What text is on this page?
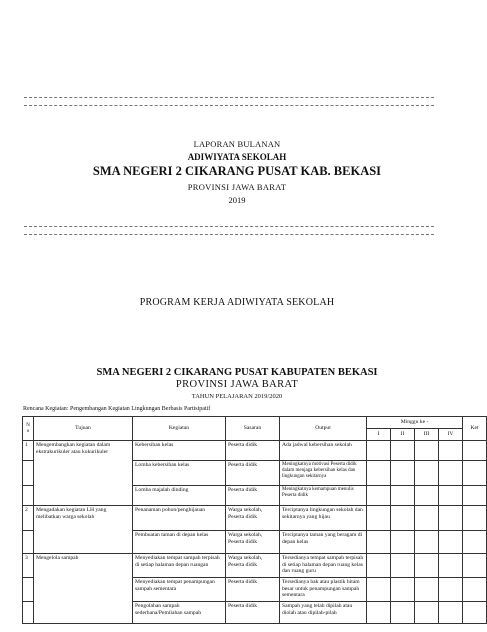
LAPORAN BULANAN
ADIWIYATA SEKOLAH
SMA NEGERI 2 CIKARANG PUSAT KAB. BEKASI
PROVINSI JAWA BARAT
2019
PROGRAM KERJA ADIWIYATA SEKOLAH
SMA NEGERI 2 CIKARANG PUSAT KABUPATEN BEKASI
PROVINSI JAWA BARAT
TAHUN PELAJARAN 2019/2020
Rencana Kegiatan: Pengembangan Kegiatan Lingkungan Berbasis Partisipatif
N o	Tujuan	Kegiatan	Sasaran	Output	Minggu ke -				Ket
					I	II	III	IV	
1	Mengembangkan kegiatan dalam ekstrakurikuler atau kokurikuler	Kebersihan kelas	Peserta didik	Ada jadwal kebersihan sekolah					
		Lomba kebersihan kelas	Peserta didik	Meningkatnya motivasi Peserta didik dalam menjaga kebersihan kelas dan lingkungan sekitarnya					
		Lomba majalah dinding	Peserta didik	Meningkatnya kemampuan menulis Peserta didik					
2	Mengadakan kegiatan LH yang melibatkan warga sekolah	Penanaman pohon/penghijauan	Warga sekolah, Peserta didik	Terciptanya lingkungan sekolah dan sekitarnya yang hijau					
		Pembuatan taman di depan kelas	Warga sekolah, Peserta didik	Terciptanya taman yang beragam di depan kelas					
3	Mengelola sampah	Menyediakan tempat sampah terpisah di setiap halaman depan ruangan	Warga sekolah, Peserta didik	Tersedianya tempat sampah terpisah di setiap halaman depan ruang kelas dan ruang guru					
		Menyediakan tempat penampungan sampah sementara	Peserta didik	Tersedianya bak atau plastik hitam besar untuk penampungan sampah sementara					
		Pengolahan sampah sederhana/Pemilahan sampah	Peserta didik	Sampah yang telah dipilah atau diolah atau dipilah-pilah					
